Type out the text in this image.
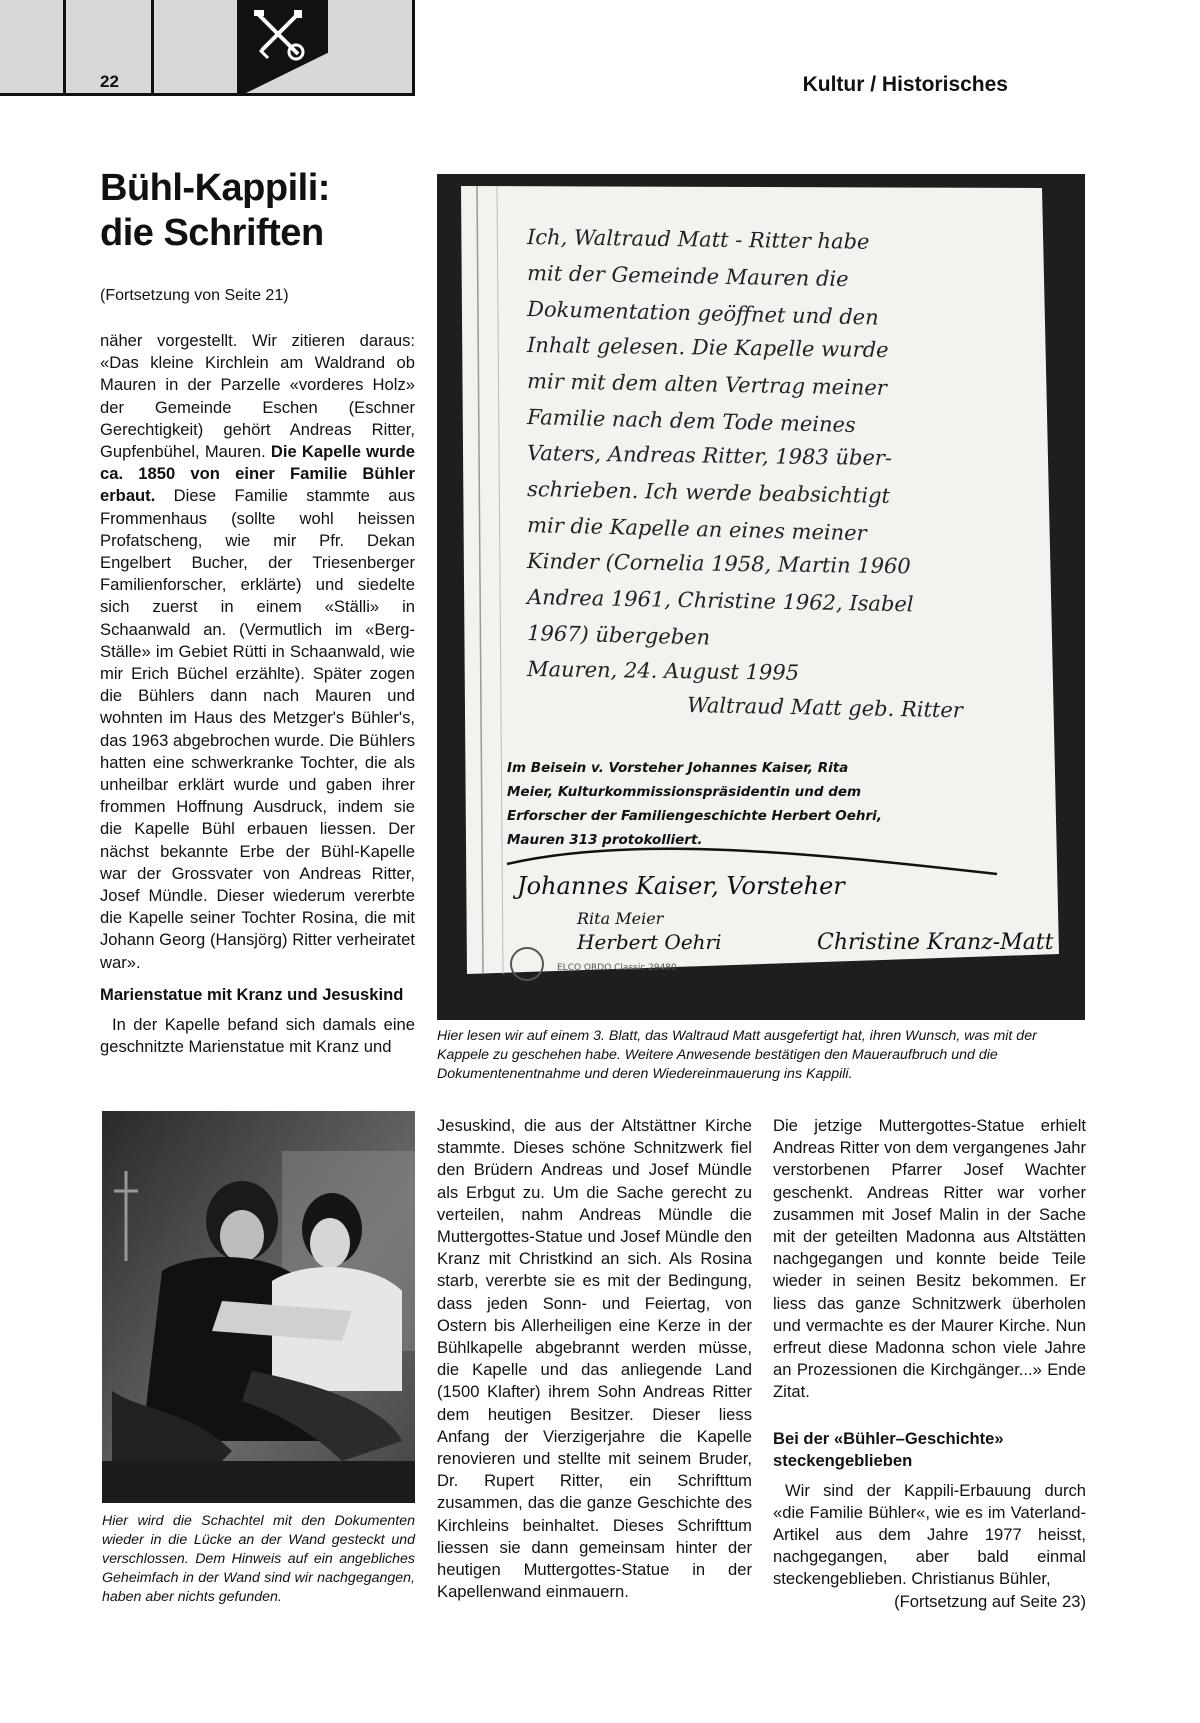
22	Kultur / Historisches
Bühl-Kappili:
die Schriften
(Fortsetzung von Seite 21)

näher vorgestellt. Wir zitieren daraus: «Das kleine Kirchlein am Waldrand ob Mauren in der Parzelle «vorderes Holz» der Gemeinde Eschen (Eschner Gerechtigkeit) gehört Andreas Ritter, Gupfenbühel, Mauren. Die Kapelle wurde ca. 1850 von einer Familie Bühler erbaut. Diese Familie stammte aus Frommenhaus (sollte wohl heissen Profatscheng, wie mir Pfr. Dekan Engelbert Bucher, der Triesenberger Familienforscher, erklärte) und siedelte sich zuerst in einem «Ställi» in Schaanwald an. (Vermutlich im «Berg-Ställe» im Gebiet Rütti in Schaanwald, wie mir Erich Büchel erzählte). Später zogen die Bühlers dann nach Mauren und wohnten im Haus des Metzger's Bühler's, das 1963 abgebrochen wurde. Die Bühlers hatten eine schwerkranke Tochter, die als unheilbar erklärt wurde und gaben ihrer frommen Hoffnung Ausdruck, indem sie die Kapelle Bühl erbauen liessen. Der nächst bekannte Erbe der Bühl-Kapelle war der Grossvater von Andreas Ritter, Josef Mündle. Dieser wiederum vererbte die Kapelle seiner Tochter Rosina, die mit Johann Georg (Hansjörg) Ritter verheiratet war».

Marienstatue mit Kranz und Jesuskind

In der Kapelle befand sich damals eine geschnitzte Marienstatue mit Kranz und

Ich, Waltraud Matt - Ritter habe
mit der Gemeinde Mauren die
Dokumentation geöffnet und den
Inhalt gelesen. Die Kapelle wurde
mir mit dem alten Vertrag meiner
Familie nach dem Tode meines
Vaters, Andreas Ritter, 1983 über-
schrieben. Ich werde beabsichtigt
mir die Kapelle an eines meiner
Kinder (Cornelia 1958, Martin 1960
Andrea 1961, Christine 1962, Isabel
1967) übergeben
Mauren, 24. August 1995
Waltraud Matt geb. Ritter
Im Beisein v. Vorsteher Johannes Kaiser, Rita
Meier, Kulturkommissionspräsidentin und dem
Erforscher der Familiengeschichte Herbert Oehri,
Mauren 313 protokolliert.
Johannes Kaiser, Vorsteher
Rita Meier
Herbert Oehri	Christine Kranz-Matt
ELCO ORDO Classic 29480
Hier lesen wir auf einem 3. Blatt, das Waltraud Matt ausgefertigt hat, ihren Wunsch, was mit der Kappele zu geschehen habe. Weitere Anwesende bestätigen den Maueraufbruch und die Dokumentenentnahme und deren Wiedereinmauerung ins Kappili.
Hier wird die Schachtel mit den Dokumenten wieder in die Lücke an der Wand gesteckt und verschlossen. Dem Hinweis auf ein angebliches Geheimfach in der Wand sind wir nachgegangen, haben aber nichts gefunden.

Jesuskind, die aus der Altstättner Kirche stammte. Dieses schöne Schnitzwerk fiel den Brüdern Andreas und Josef Mündle als Erbgut zu. Um die Sache gerecht zu verteilen, nahm Andreas Mündle die Muttergottes-Statue und Josef Mündle den Kranz mit Christkind an sich. Als Rosina starb, vererbte sie es mit der Bedingung, dass jeden Sonn- und Feiertag, von Ostern bis Allerheiligen eine Kerze in der Bühlkapelle abgebrannt werden müsse, die Kapelle und das anliegende Land (1500 Klafter) ihrem Sohn Andreas Ritter dem heutigen Besitzer. Dieser liess Anfang der Vierzigerjahre die Kapelle renovieren und stellte mit seinem Bruder, Dr. Rupert Ritter, ein Schrifttum zusammen, das die ganze Geschichte des Kirchleins beinhaltet. Dieses Schrifttum liessen sie dann gemeinsam hinter der heutigen Muttergottes-Statue in der Kapellenwand einmauern.

Die jetzige Muttergottes-Statue erhielt Andreas Ritter von dem vergangenes Jahr verstorbenen Pfarrer Josef Wachter geschenkt. Andreas Ritter war vorher zusammen mit Josef Malin in der Sache mit der geteilten Madonna aus Altstätten nachgegangen und konnte beide Teile wieder in seinen Besitz bekommen. Er liess das ganze Schnitzwerk überholen und vermachte es der Maurer Kirche. Nun erfreut diese Madonna schon viele Jahre an Prozessionen die Kirchgänger...» Ende Zitat.

Bei der «Bühler–Geschichte» steckengeblieben

Wir sind der Kappili-Erbauung durch «die Familie Bühler«, wie es im Vaterland-Artikel aus dem Jahre 1977 heisst, nachgegangen, aber bald einmal steckengeblieben. Christianus Bühler,

(Fortsetzung auf Seite 23)
